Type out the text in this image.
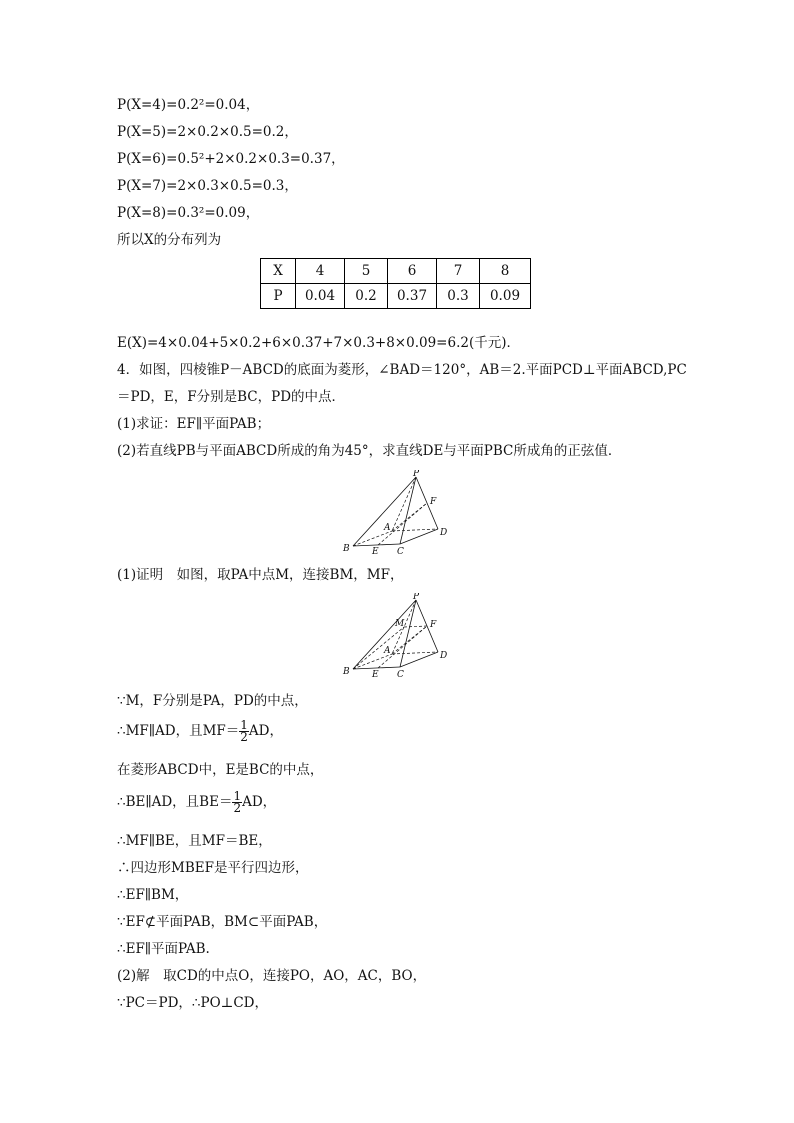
P(X=4)=0.2²=0.04，
P(X=5)=2×0.2×0.5=0.2，
P(X=6)=0.5²+2×0.2×0.3=0.37，
P(X=7)=2×0.3×0.5=0.3，
P(X=8)=0.3²=0.09，
所以X的分布列为
X	4	5	6	7	8
P	0.04	0.2	0.37	0.3	0.09
E(X)=4×0.04+5×0.2+6×0.37+7×0.3+8×0.09=6.2(千元)．
4．如图，四棱锥P－ABCD的底面为菱形，∠BAD＝120°，AB＝2.平面PCD⊥平面ABCD,PC
＝PD，E，F分别是BC，PD的中点．
(1)求证：EF∥平面PAB；
(2)若直线PB与平面ABCD所成的角为45°，求直线DE与平面PBC所成角的正弦值．
P
F
A	D
B E C
(1)证明　如图，取PA中点M，连接BM，MF，
P
M	F
A	D
B E C
∵M，F分别是PA，PD的中点，
∴MF∥AD，且$MF= \frac{1}{2}$ AD，
在菱形ABCD中，E是BC的中点，
∴BE∥AD，且$BE= \frac{1}{2}$ AD，
∴MF∥BE，且MF＝BE，
∴四边形MBEF是平行四边形，
∴EF∥BM，
∵EF⊄平面PAB，BM⊂平面PAB，
∴EF∥平面PAB.
(2)解　取CD的中点O，连接PO，AO，AC，BO，
∵PC＝PD，∴PO⊥CD，
